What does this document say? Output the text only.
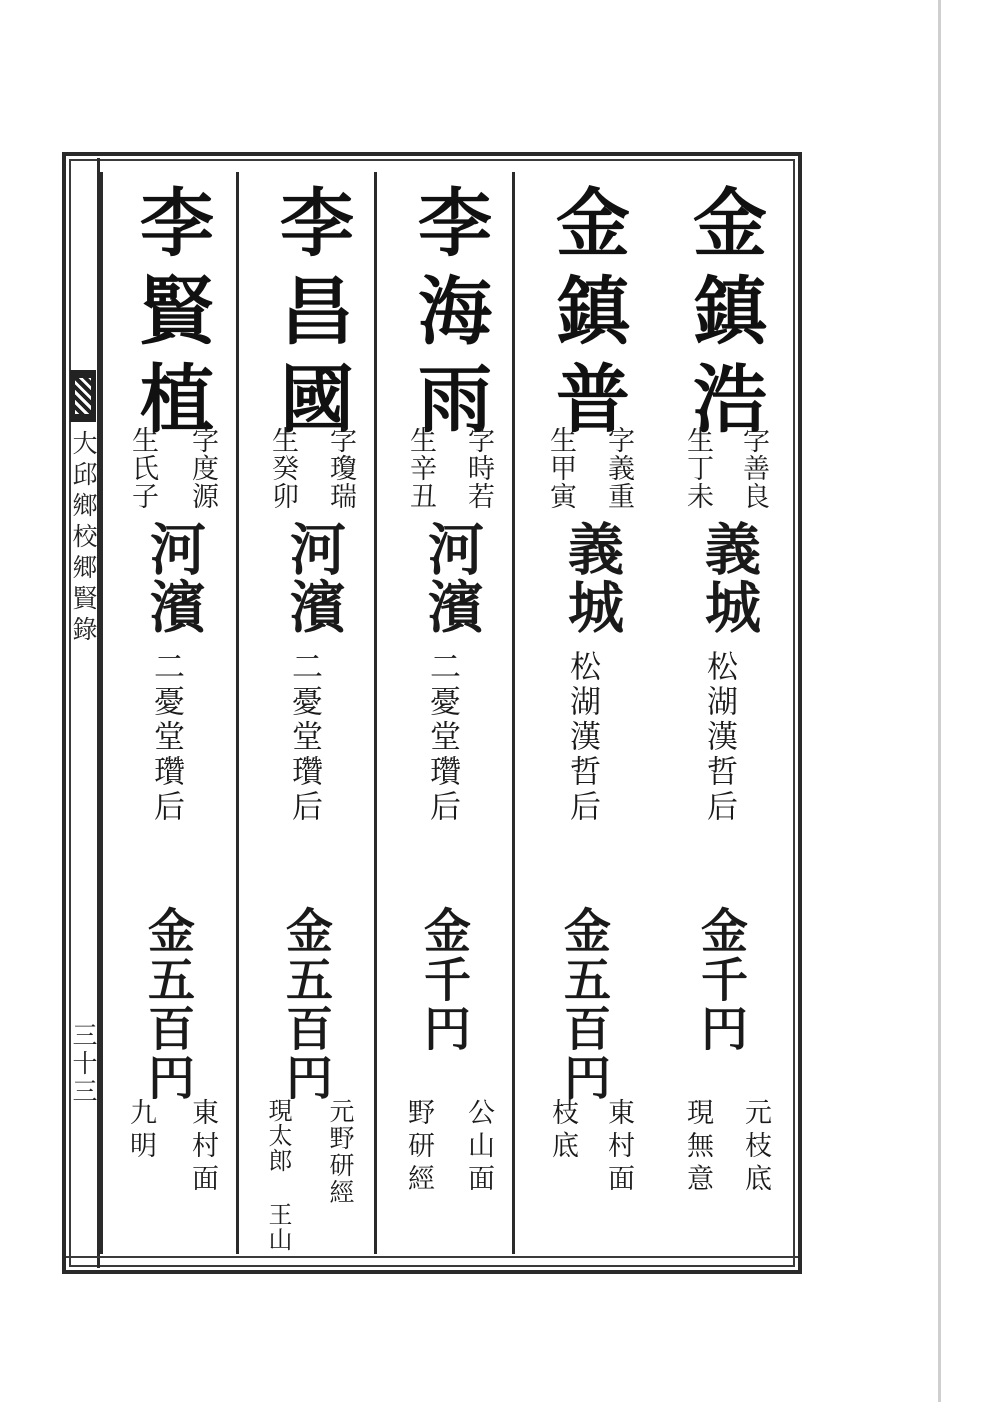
大邱鄉校郷賢錄
三十三
金鎮浩
字善良
生丁未
義城
松湖漢哲后
金千円
元枝底
現無意
金鎮普
字義重
生甲寅
義城
松湖漢哲后
金五百円
東村面
枝底
李海雨
字時若
生辛丑
河濱
二憂堂瓚后
金千円
公山面
野研經
李昌國
字瓊瑞
生癸卯
河濱
二憂堂瓚后
金五百円
元野研經
現太郎 王山
李賢植
字度源
生氏子
河濱
二憂堂瓚后
金五百円
東村面
九明
